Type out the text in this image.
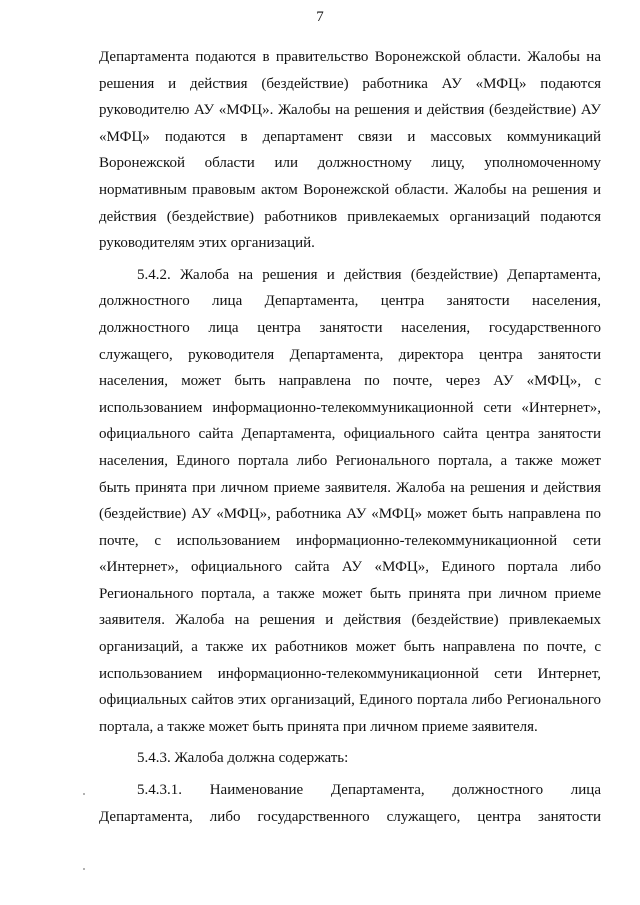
7
Департамента подаются в правительство Воронежской области. Жалобы на
решения и действия (бездействие) работника АУ «МФЦ» подаются
руководителю АУ «МФЦ». Жалобы на решения и действия (бездействие) АУ
«МФЦ» подаются в департамент связи и массовых коммуникаций
Воронежской области или должностному лицу, уполномоченному
нормативным правовым актом Воронежской области. Жалобы на решения и
действия (бездействие) работников привлекаемых организаций подаются
руководителям этих организаций.
5.4.2. Жалоба на решения и действия (бездействие) Департамента,
должностного лица Департамента, центра занятости населения,
должностного лица центра занятости населения, государственного
служащего, руководителя Департамента, директора центра занятости
населения, может быть направлена по почте, через АУ «МФЦ», с
использованием информационно-телекоммуникационной сети «Интернет»,
официального сайта Департамента, официального сайта центра занятости
населения, Единого портала либо Регионального портала, а также может
быть принята при личном приеме заявителя. Жалоба на решения и действия
(бездействие) АУ «МФЦ», работника АУ «МФЦ» может быть направлена по
почте, с использованием информационно-телекоммуникационной сети
«Интернет», официального сайта АУ «МФЦ», Единого портала либо
Регионального портала, а также может быть принята при личном приеме
заявителя. Жалоба на решения и действия (бездействие) привлекаемых
организаций, а также их работников может быть направлена по почте, с
использованием информационно-телекоммуникационной сети Интернет,
официальных сайтов этих организаций, Единого портала либо Регионального
портала, а также может быть принята при личном приеме заявителя.
5.4.3. Жалоба должна содержать:
5.4.3.1. Наименование Департамента, должностного лица
Департамента, либо государственного служащего, центра занятости
